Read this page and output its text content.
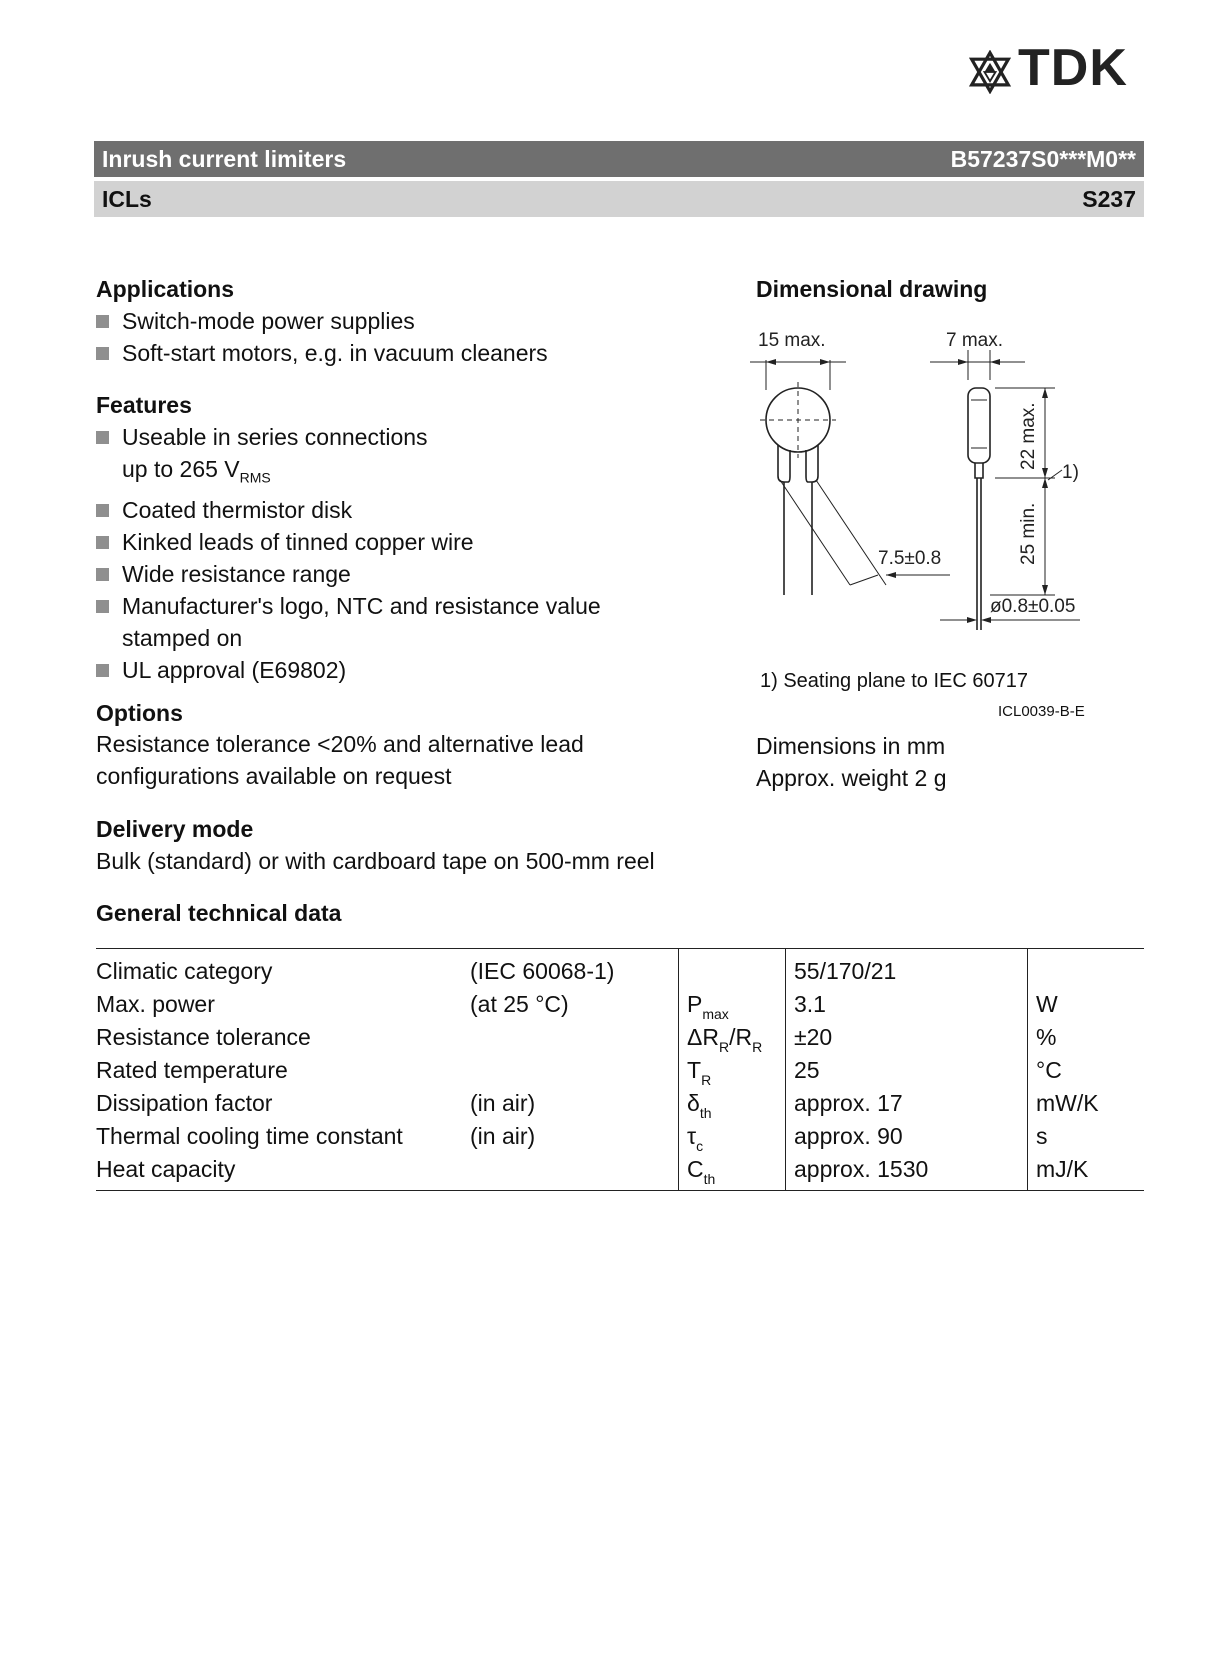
TDK
Inrush current limiters	B57237S0***M0**
ICLs	S237
Applications
Switch-mode power supplies
Soft-start motors, e.g. in vacuum cleaners
Features
Useable in series connections
up to 265 $V_{RMS}$
Coated thermistor disk
Kinked leads of tinned copper wire
Wide resistance range
Manufacturer's logo, NTC and resistance value
stamped on
UL approval (E69802)
Options
Resistance tolerance <20% and alternative lead
configurations available on request
Delivery mode
Bulk (standard) or with cardboard tape on 500-mm reel
Dimensional drawing
15 max.	7 max.
22 max.
25 min.
1)
7.5±0.8
ø0.8±0.05
1) Seating plane to IEC 60717
ICL0039-B-E
Dimensions in mm
Approx. weight 2 g
General technical data
Climatic category	(IEC 60068-1)		55/170/21	
Max. power	(at 25 °C)	$P_{max}$	3.1	W
Resistance tolerance		$\Delta R_R/R_R$	±20	%
Rated temperature		$T_R$	25	°C
Dissipation factor	(in air)	$\delta_{th}$	approx. 17	mW/K
Thermal cooling time constant	(in air)	$\tau_c$	approx. 90	s
Heat capacity		$C_{th}$	approx. 1530	mJ/K
